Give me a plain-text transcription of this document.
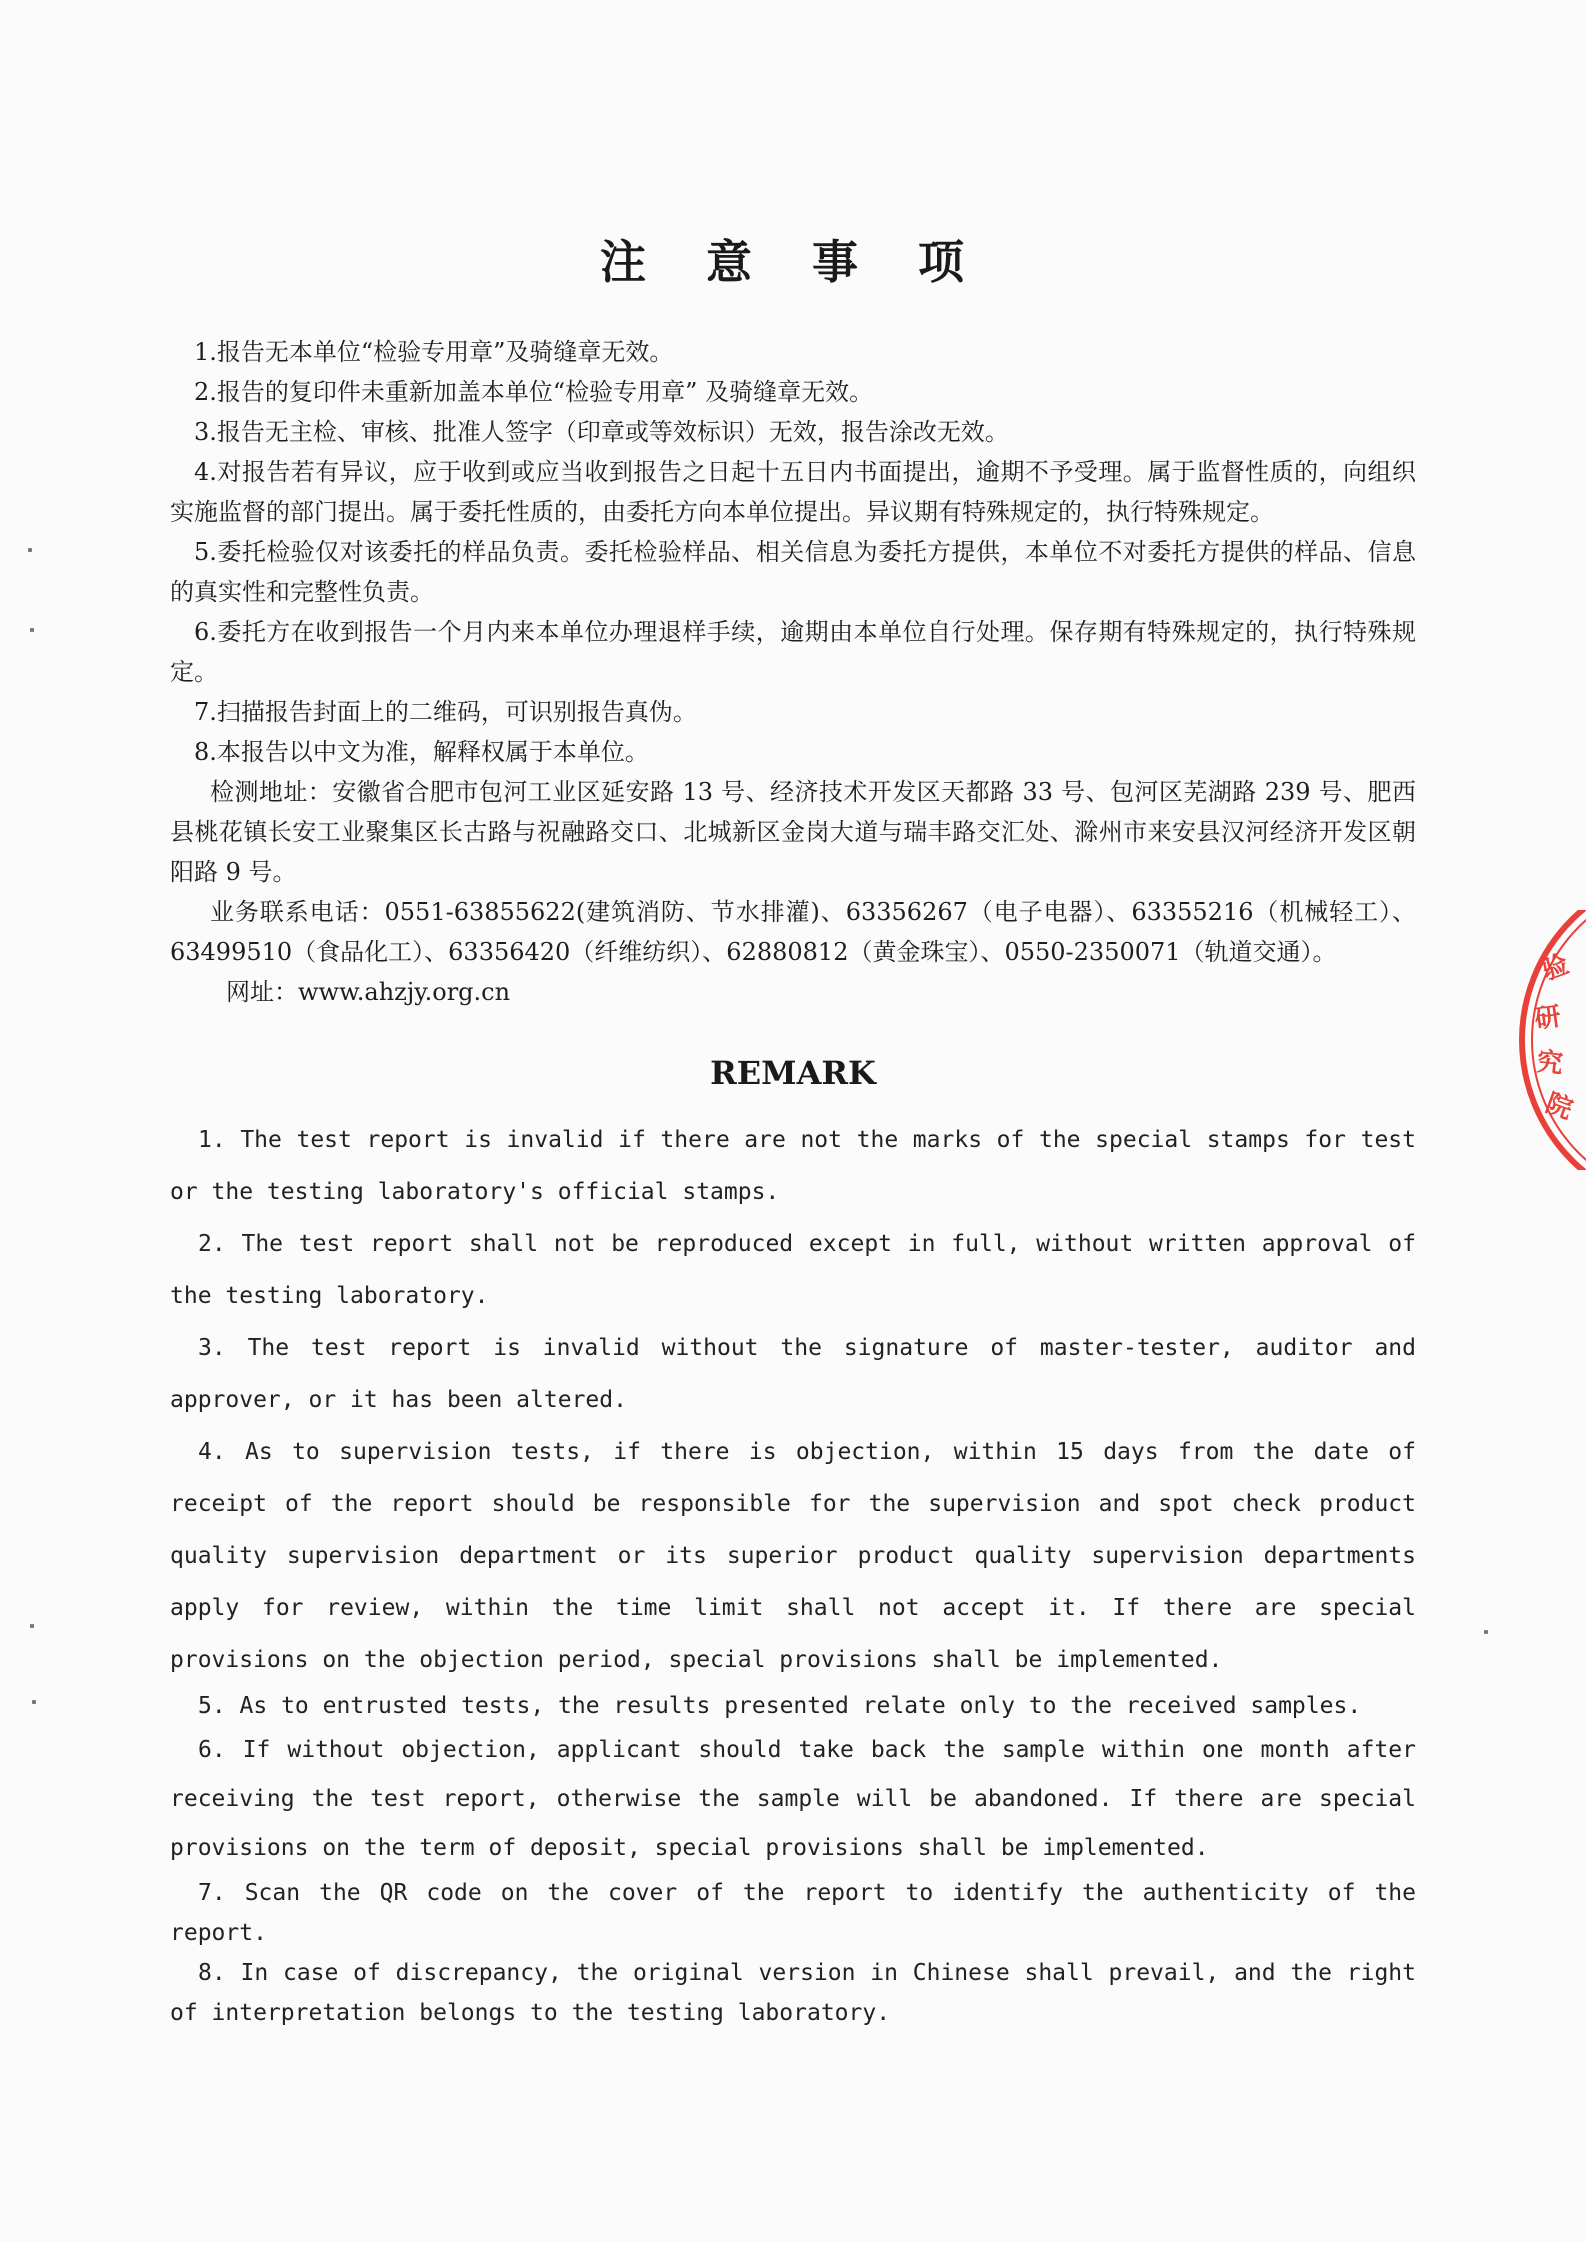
注 意 事 项

1.报告无本单位“检验专用章”及骑缝章无效。

2.报告的复印件未重新加盖本单位“检验专用章” 及骑缝章无效。

3.报告无主检、审核、批准人签字（印章或等效标识）无效，报告涂改无效。

4.对报告若有异议，应于收到或应当收到报告之日起十五日内书面提出，逾期不予受理。属于监督性质的，向组织实施监督的部门提出。属于委托性质的，由委托方向本单位提出。异议期有特殊规定的，执行特殊规定。

5.委托检验仅对该委托的样品负责。委托检验样品、相关信息为委托方提供，本单位不对委托方提供的样品、信息的真实性和完整性负责。

6.委托方在收到报告一个月内来本单位办理退样手续，逾期由本单位自行处理。保存期有特殊规定的，执行特殊规定。

7.扫描报告封面上的二维码，可识别报告真伪。

8.本报告以中文为准，解释权属于本单位。

检测地址：安徽省合肥市包河工业区延安路 13 号、经济技术开发区天都路 33 号、包河区芜湖路 239 号、肥西县桃花镇长安工业聚集区长古路与祝融路交口、北城新区金岗大道与瑞丰路交汇处、滁州市来安县汉河经济开发区朝阳路 9 号。

业务联系电话：0551-63855622(建筑消防、节水排灌)、63356267（电子电器）、63355216（机械轻工）、63499510（食品化工）、63356420（纤维纺织）、62880812（黄金珠宝）、0550-2350071（轨道交通）。

网址：www.ahzjy.org.cn

REMARK

1. The test report is invalid if there are not the marks of the special stamps for test or the testing laboratory's official stamps.

2. The test report shall not be reproduced except in full, without written approval of the testing laboratory.

3. The test report is invalid without the signature of master-tester, auditor and approver, or it has been altered.

4. As to supervision tests, if there is objection, within 15 days from the date of receipt of the report should be responsible for the supervision and spot check product quality supervision department or its superior product quality supervision departments apply for review, within the time limit shall not accept it. If there are special provisions on the objection period, special provisions shall be implemented.

5. As to entrusted tests, the results presented relate only to the received samples.

6. If without objection, applicant should take back the sample within one month after receiving the test report, otherwise the sample will be abandoned. If there are special provisions on the term of deposit, special provisions shall be implemented.

7. Scan the QR code on the cover of the report to identify the authenticity of the report.

8. In case of discrepancy, the original version in Chinese shall prevail, and the right of interpretation belongs to the testing laboratory.

验
研
究
院
